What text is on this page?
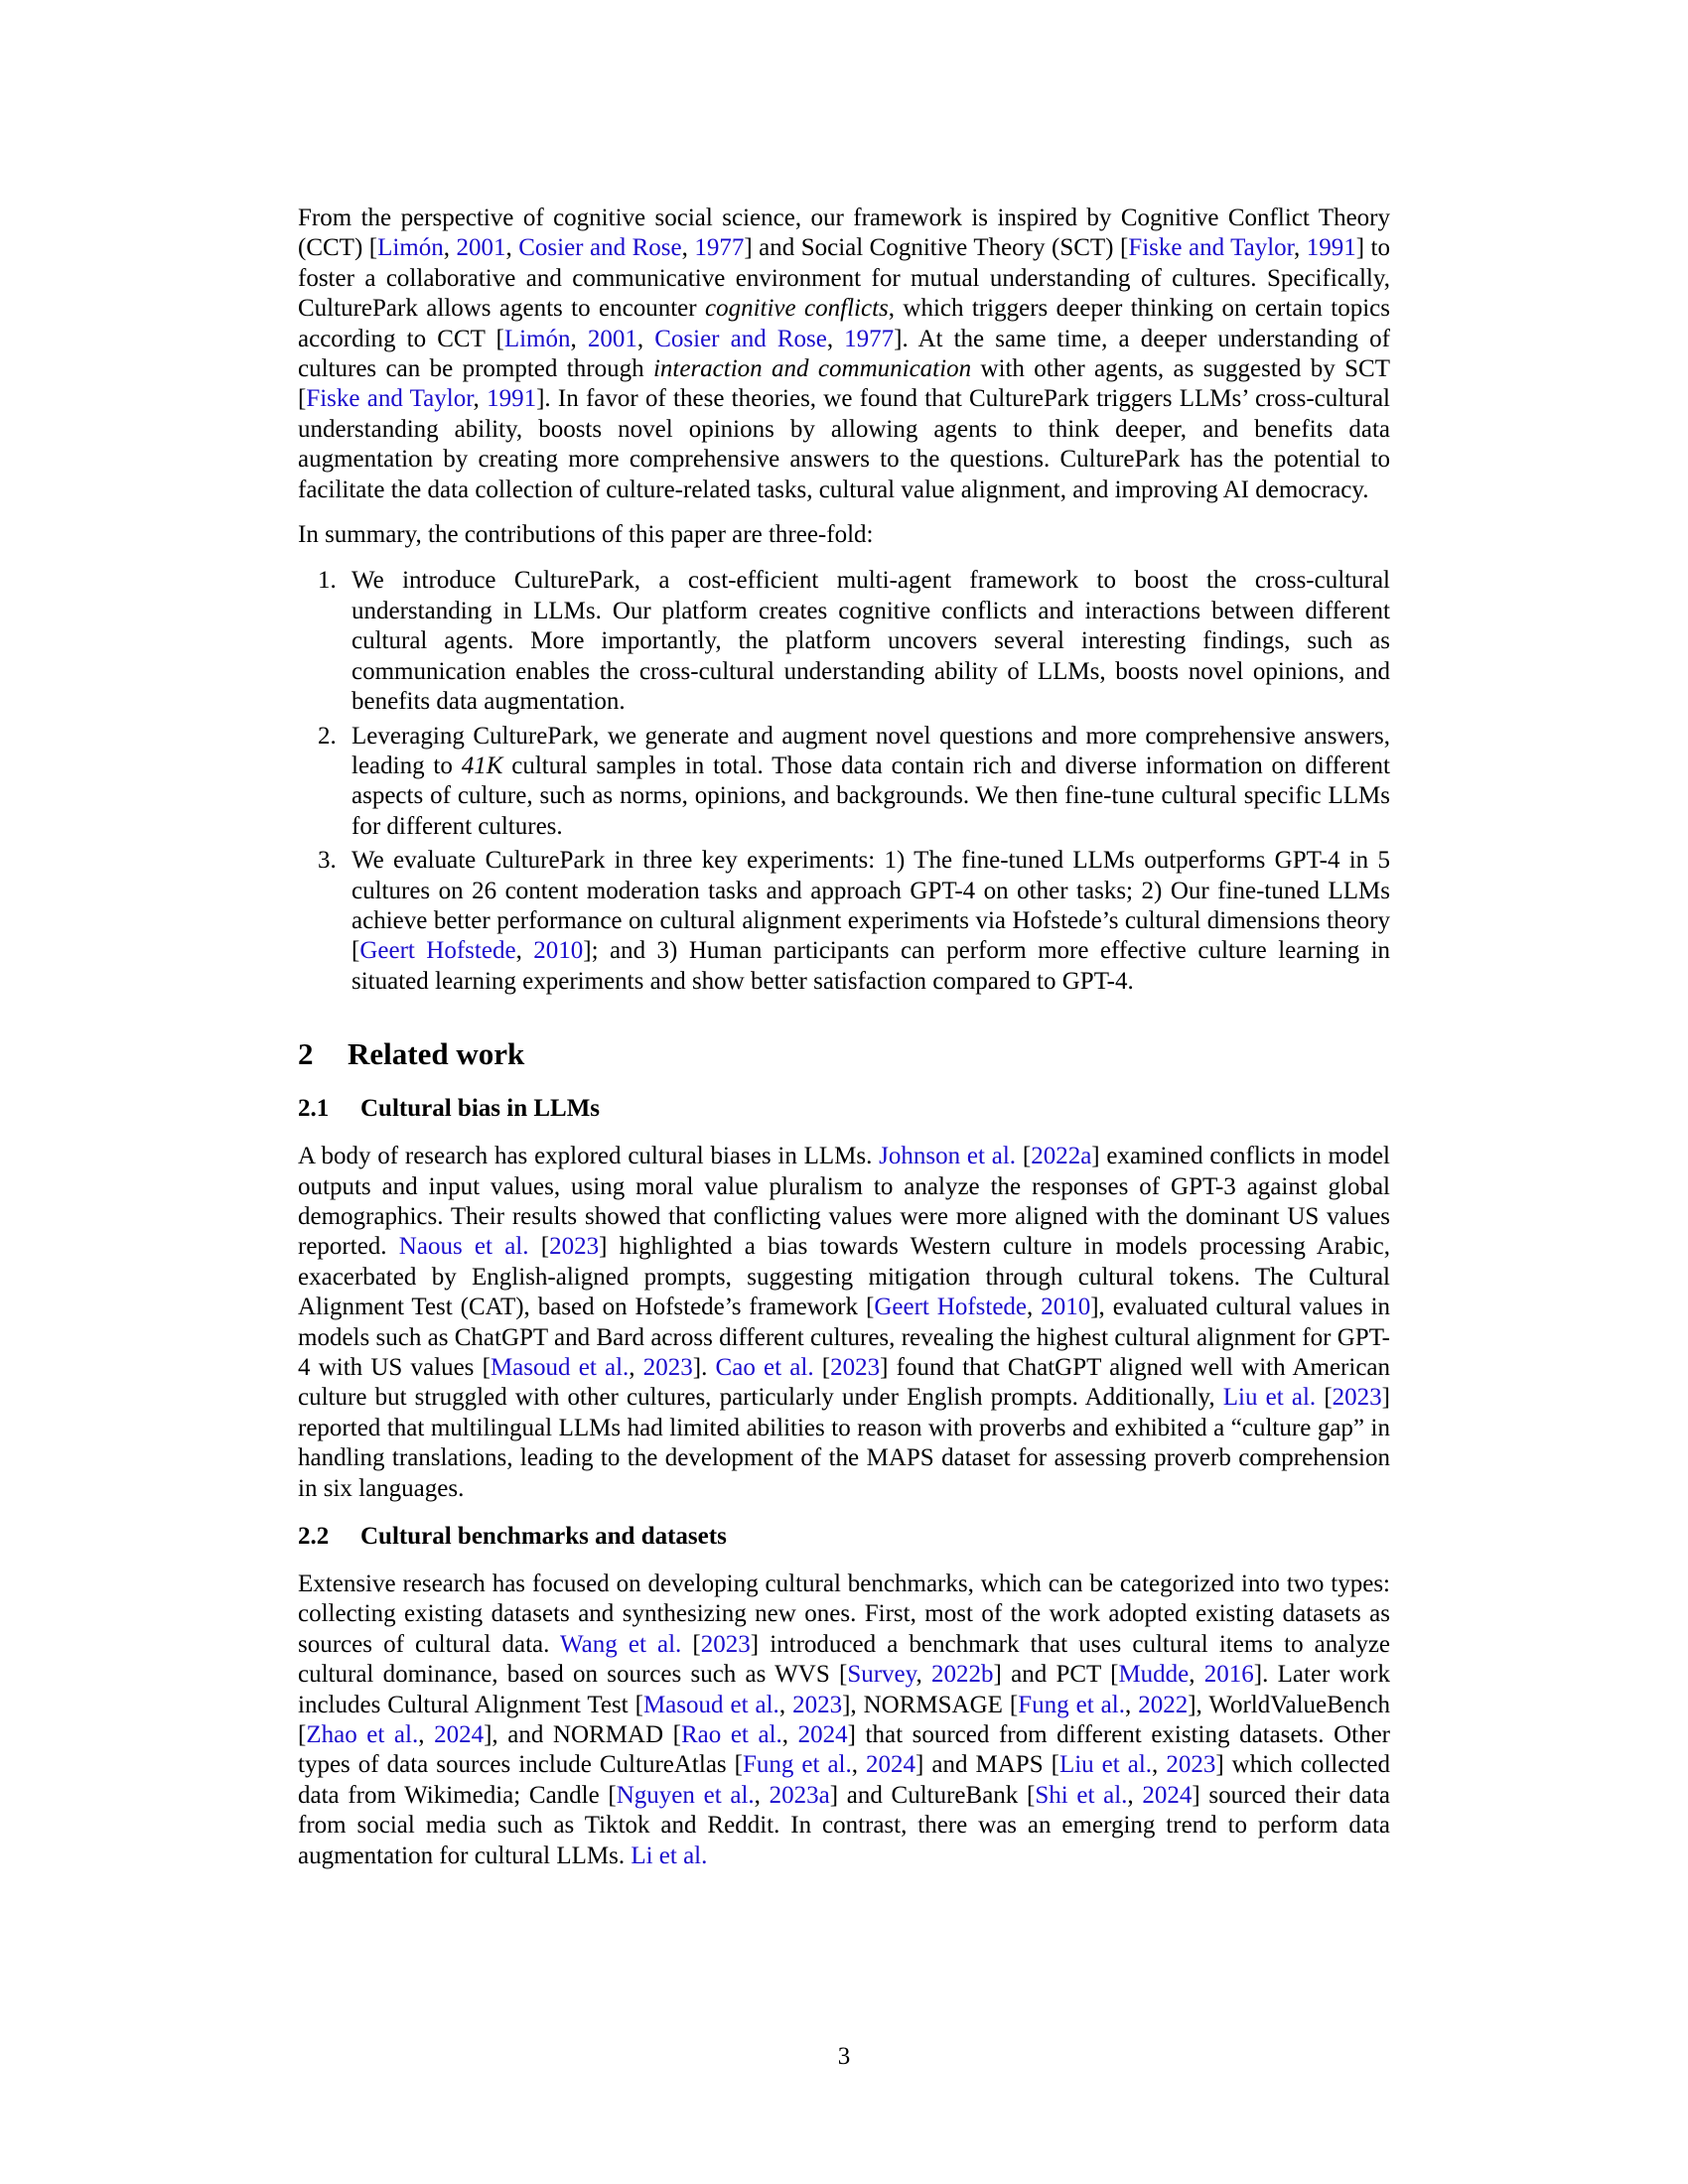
From the perspective of cognitive social science, our framework is inspired by Cognitive Conflict Theory (CCT) [Limón, 2001, Cosier and Rose, 1977] and Social Cognitive Theory (SCT) [Fiske and Taylor, 1991] to foster a collaborative and communicative environment for mutual understanding of cultures. Specifically, CulturePark allows agents to encounter cognitive conflicts, which triggers deeper thinking on certain topics according to CCT [Limón, 2001, Cosier and Rose, 1977]. At the same time, a deeper understanding of cultures can be prompted through interaction and communication with other agents, as suggested by SCT [Fiske and Taylor, 1991]. In favor of these theories, we found that CulturePark triggers LLMs’ cross-cultural understanding ability, boosts novel opinions by allowing agents to think deeper, and benefits data augmentation by creating more comprehensive answers to the questions. CulturePark has the potential to facilitate the data collection of culture-related tasks, cultural value alignment, and improving AI democracy.

In summary, the contributions of this paper are three-fold:

1. We introduce CulturePark, a cost-efficient multi-agent framework to boost the cross-cultural understanding in LLMs. Our platform creates cognitive conflicts and interactions between different cultural agents. More importantly, the platform uncovers several interesting findings, such as communication enables the cross-cultural understanding ability of LLMs, boosts novel opinions, and benefits data augmentation.
2. Leveraging CulturePark, we generate and augment novel questions and more comprehensive answers, leading to 41K cultural samples in total. Those data contain rich and diverse information on different aspects of culture, such as norms, opinions, and backgrounds. We then fine-tune cultural specific LLMs for different cultures.
3. We evaluate CulturePark in three key experiments: 1) The fine-tuned LLMs outperforms GPT-4 in 5 cultures on 26 content moderation tasks and approach GPT-4 on other tasks; 2) Our fine-tuned LLMs achieve better performance on cultural alignment experiments via Hofstede’s cultural dimensions theory [Geert Hofstede, 2010]; and 3) Human participants can perform more effective culture learning in situated learning experiments and show better satisfaction compared to GPT-4.
2 Related work
2.1 Cultural bias in LLMs

A body of research has explored cultural biases in LLMs. Johnson et al. [2022a] examined conflicts in model outputs and input values, using moral value pluralism to analyze the responses of GPT-3 against global demographics. Their results showed that conflicting values were more aligned with the dominant US values reported. Naous et al. [2023] highlighted a bias towards Western culture in models processing Arabic, exacerbated by English-aligned prompts, suggesting mitigation through cultural tokens. The Cultural Alignment Test (CAT), based on Hofstede’s framework [Geert Hofstede, 2010], evaluated cultural values in models such as ChatGPT and Bard across different cultures, revealing the highest cultural alignment for GPT-4 with US values [Masoud et al., 2023]. Cao et al. [2023] found that ChatGPT aligned well with American culture but struggled with other cultures, particularly under English prompts. Additionally, Liu et al. [2023] reported that multilingual LLMs had limited abilities to reason with proverbs and exhibited a “culture gap” in handling translations, leading to the development of the MAPS dataset for assessing proverb comprehension in six languages.

2.2 Cultural benchmarks and datasets

Extensive research has focused on developing cultural benchmarks, which can be categorized into two types: collecting existing datasets and synthesizing new ones. First, most of the work adopted existing datasets as sources of cultural data. Wang et al. [2023] introduced a benchmark that uses cultural items to analyze cultural dominance, based on sources such as WVS [Survey, 2022b] and PCT [Mudde, 2016]. Later work includes Cultural Alignment Test [Masoud et al., 2023], NORMSAGE [Fung et al., 2022], WorldValueBench [Zhao et al., 2024], and NORMAD [Rao et al., 2024] that sourced from different existing datasets. Other types of data sources include CultureAtlas [Fung et al., 2024] and MAPS [Liu et al., 2023] which collected data from Wikimedia; Candle [Nguyen et al., 2023a] and CultureBank [Shi et al., 2024] sourced their data from social media such as Tiktok and Reddit. In contrast, there was an emerging trend to perform data augmentation for cultural LLMs. Li et al.

3
